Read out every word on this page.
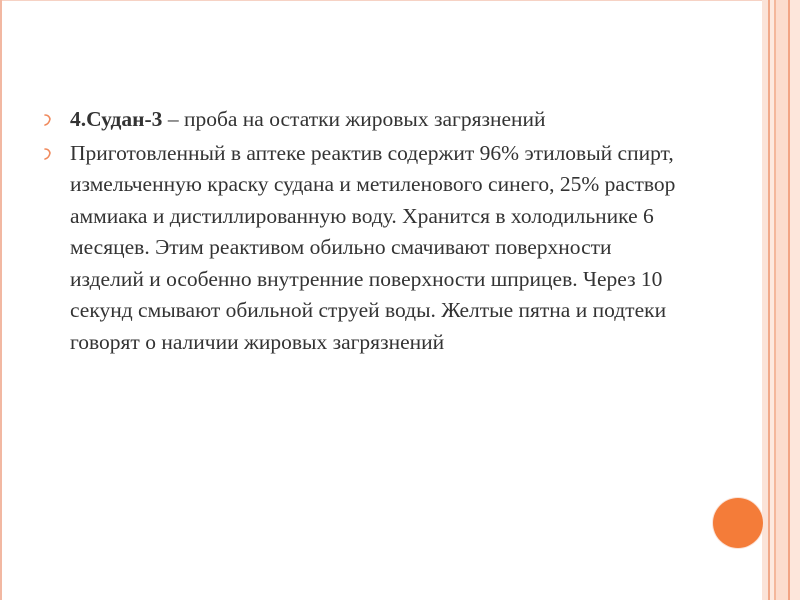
4.Судан-3 – проба на остатки жировых загрязнений
Приготовленный в аптеке реактив содержит 96% этиловый спирт, измельченную краску судана и метиленового синего, 25% раствор аммиака и дистиллированную воду. Хранится в холодильнике 6 месяцев. Этим реактивом обильно смачивают поверхности изделий и особенно внутренние поверхности шприцев. Через 10 секунд смывают обильной струей воды. Желтые пятна и подтеки говорят о наличии жировых загрязнений
